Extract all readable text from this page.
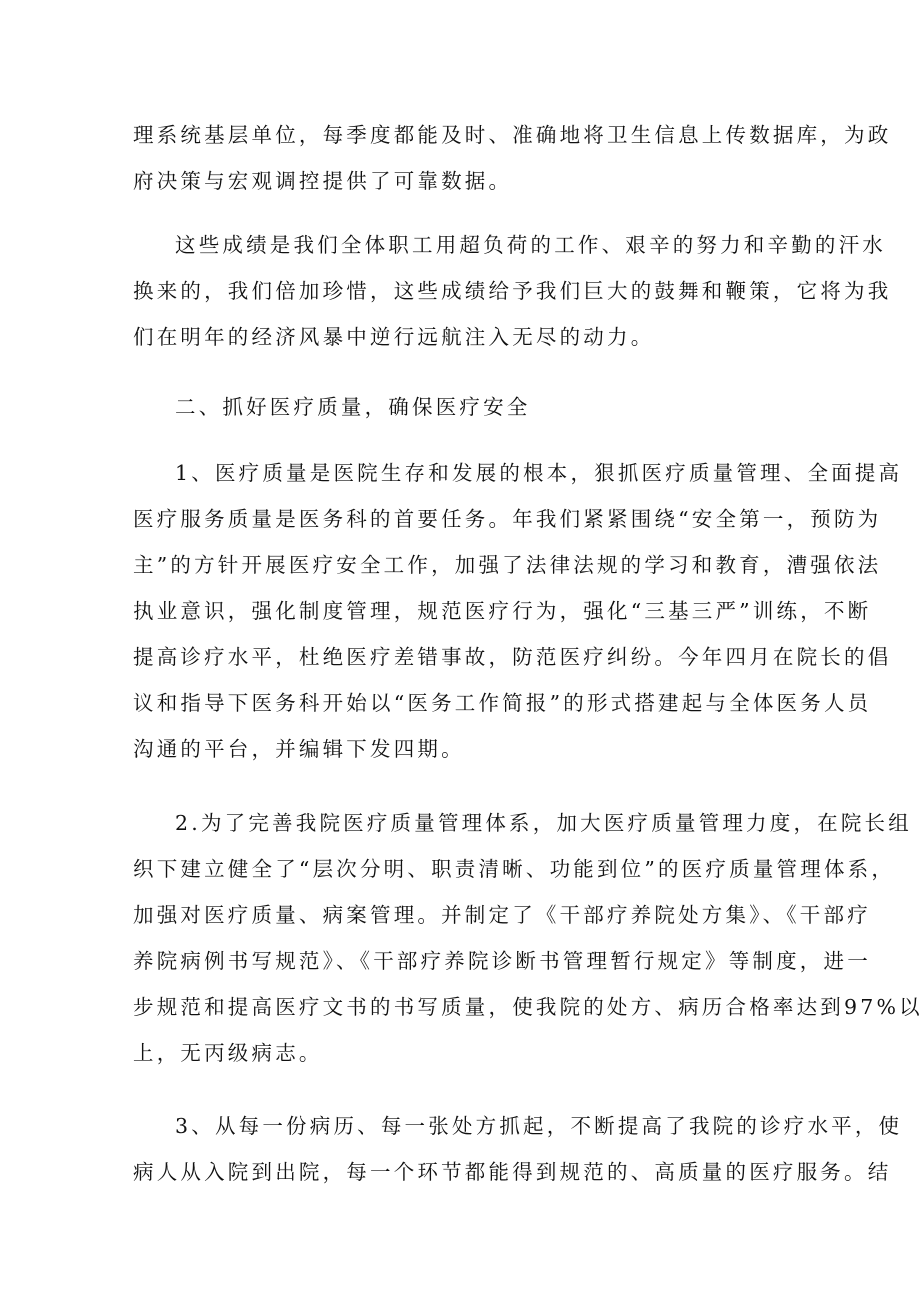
理系统基层单位，每季度都能及时、准确地将卫生信息上传数据库，为政
府决策与宏观调控提供了可靠数据。
这些成绩是我们全体职工用超负荷的工作、艰辛的努力和辛勤的汗水
换来的，我们倍加珍惜，这些成绩给予我们巨大的鼓舞和鞭策，它将为我
们在明年的经济风暴中逆行远航注入无尽的动力。
二、抓好医疗质量，确保医疗安全
1、医疗质量是医院生存和发展的根本，狠抓医疗质量管理、全面提高
医疗服务质量是医务科的首要任务。年我们紧紧围绕“安全第一，预防为
主”的方针开展医疗安全工作，加强了法律法规的学习和教育，漕强依法
执业意识，强化制度管理，规范医疗行为，强化“三基三严”训练，不断
提高诊疗水平，杜绝医疗差错事故，防范医疗纠纷。今年四月在院长的倡
议和指导下医务科开始以“医务工作简报”的形式搭建起与全体医务人员
沟通的平台，并编辑下发四期。
2.为了完善我院医疗质量管理体系，加大医疗质量管理力度，在院长组
织下建立健全了“层次分明、职责清晰、功能到位”的医疗质量管理体系，
加强对医疗质量、病案管理。并制定了《干部疗养院处方集》、《干部疗
养院病例书写规范》、《干部疗养院诊断书管理暂行规定》等制度，进一
步规范和提高医疗文书的书写质量，使我院的处方、病历合格率达到97%以
上，无丙级病志。
3、从每一份病历、每一张处方抓起，不断提高了我院的诊疗水平，使
病人从入院到出院，每一个环节都能得到规范的、高质量的医疗服务。结
